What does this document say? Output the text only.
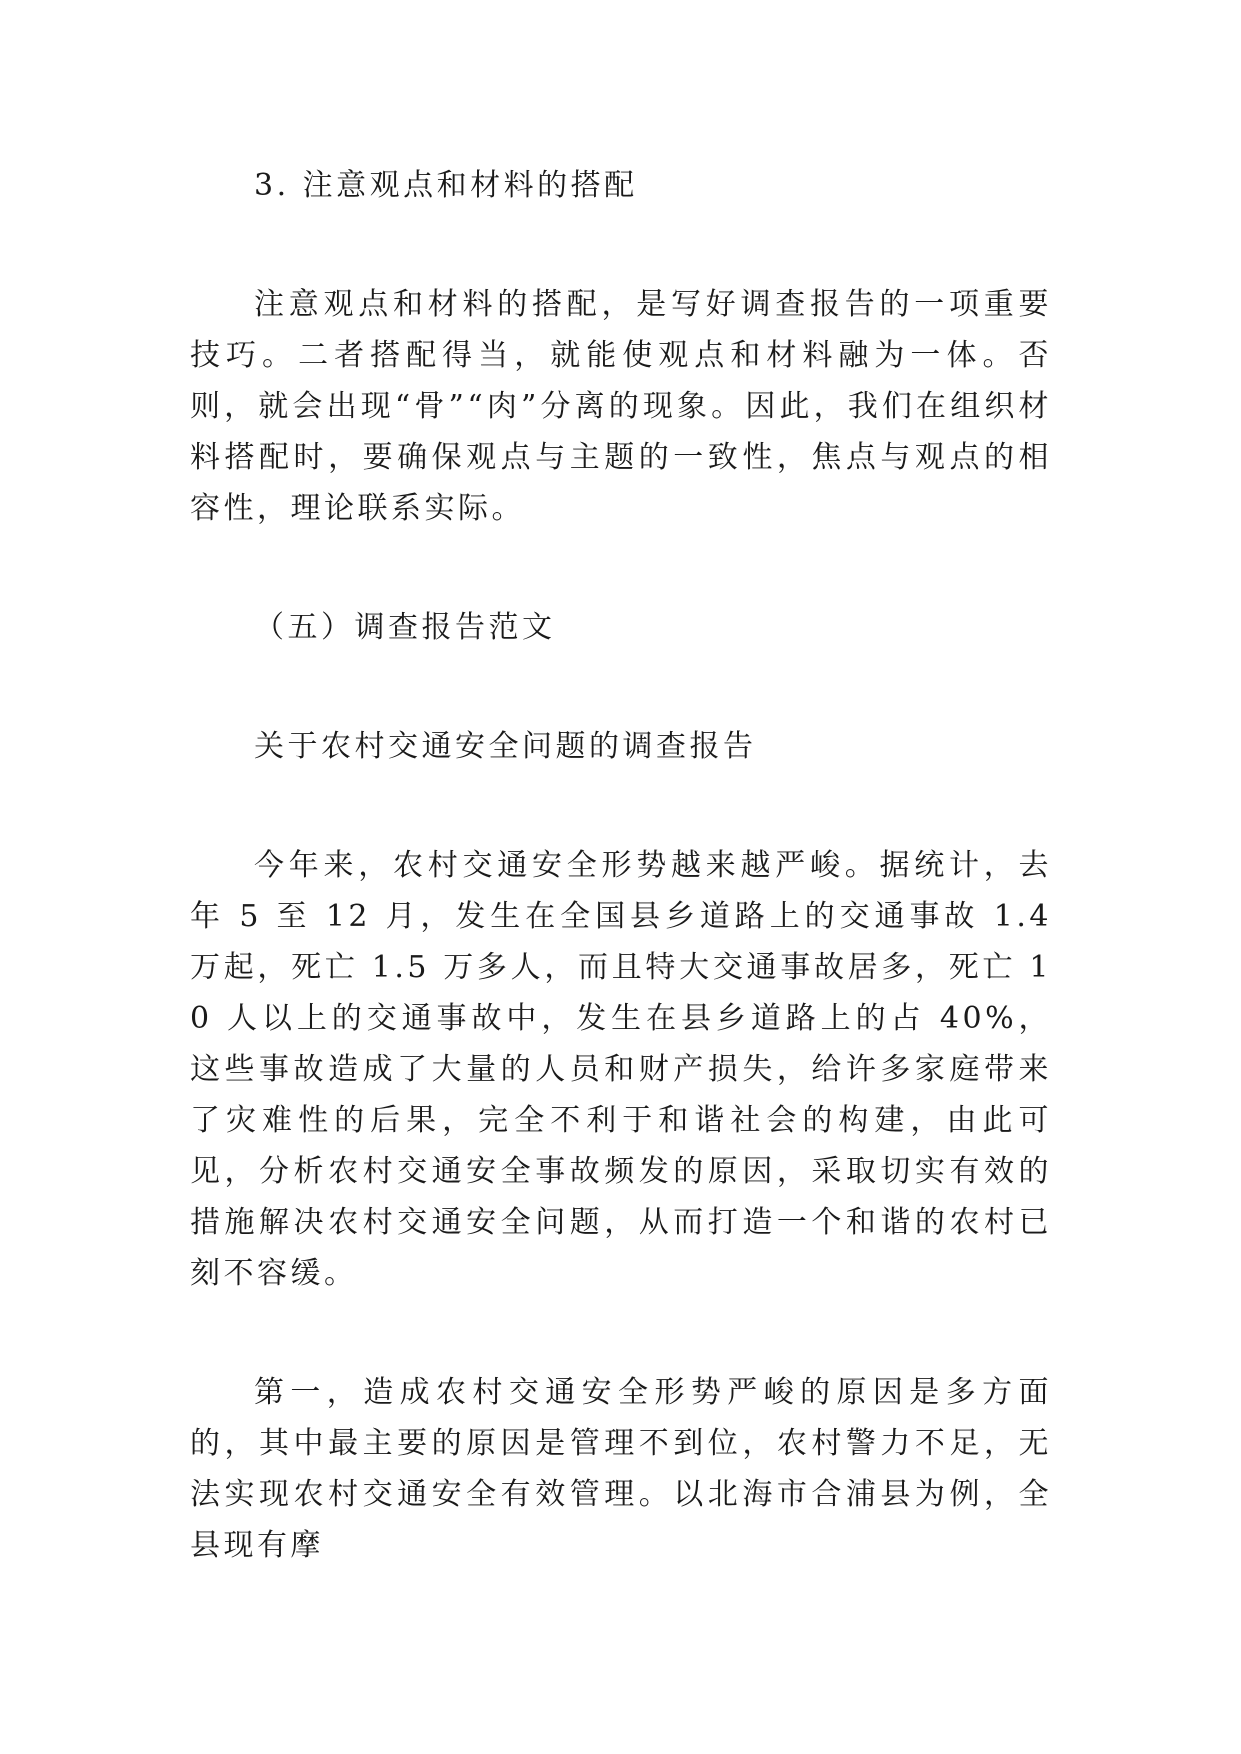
3. 注意观点和材料的搭配

注意观点和材料的搭配，是写好调查报告的一项重要技巧。二者搭配得当，就能使观点和材料融为一体。否则，就会出现“骨”“肉”分离的现象。因此，我们在组织材料搭配时，要确保观点与主题的一致性，焦点与观点的相容性，理论联系实际。

（五）调查报告范文

关于农村交通安全问题的调查报告

今年来，农村交通安全形势越来越严峻。据统计，去年 5 至 12 月，发生在全国县乡道路上的交通事故 1.4 万起，死亡 1.5 万多人，而且特大交通事故居多，死亡 10 人以上的交通事故中，发生在县乡道路上的占 40%，这些事故造成了大量的人员和财产损失，给许多家庭带来了灾难性的后果，完全不利于和谐社会的构建，由此可见，分析农村交通安全事故频发的原因，采取切实有效的措施解决农村交通安全问题，从而打造一个和谐的农村已刻不容缓。

第一，造成农村交通安全形势严峻的原因是多方面的，其中最主要的原因是管理不到位，农村警力不足，无法实现农村交通安全有效管理。以北海市合浦县为例，全县现有摩
